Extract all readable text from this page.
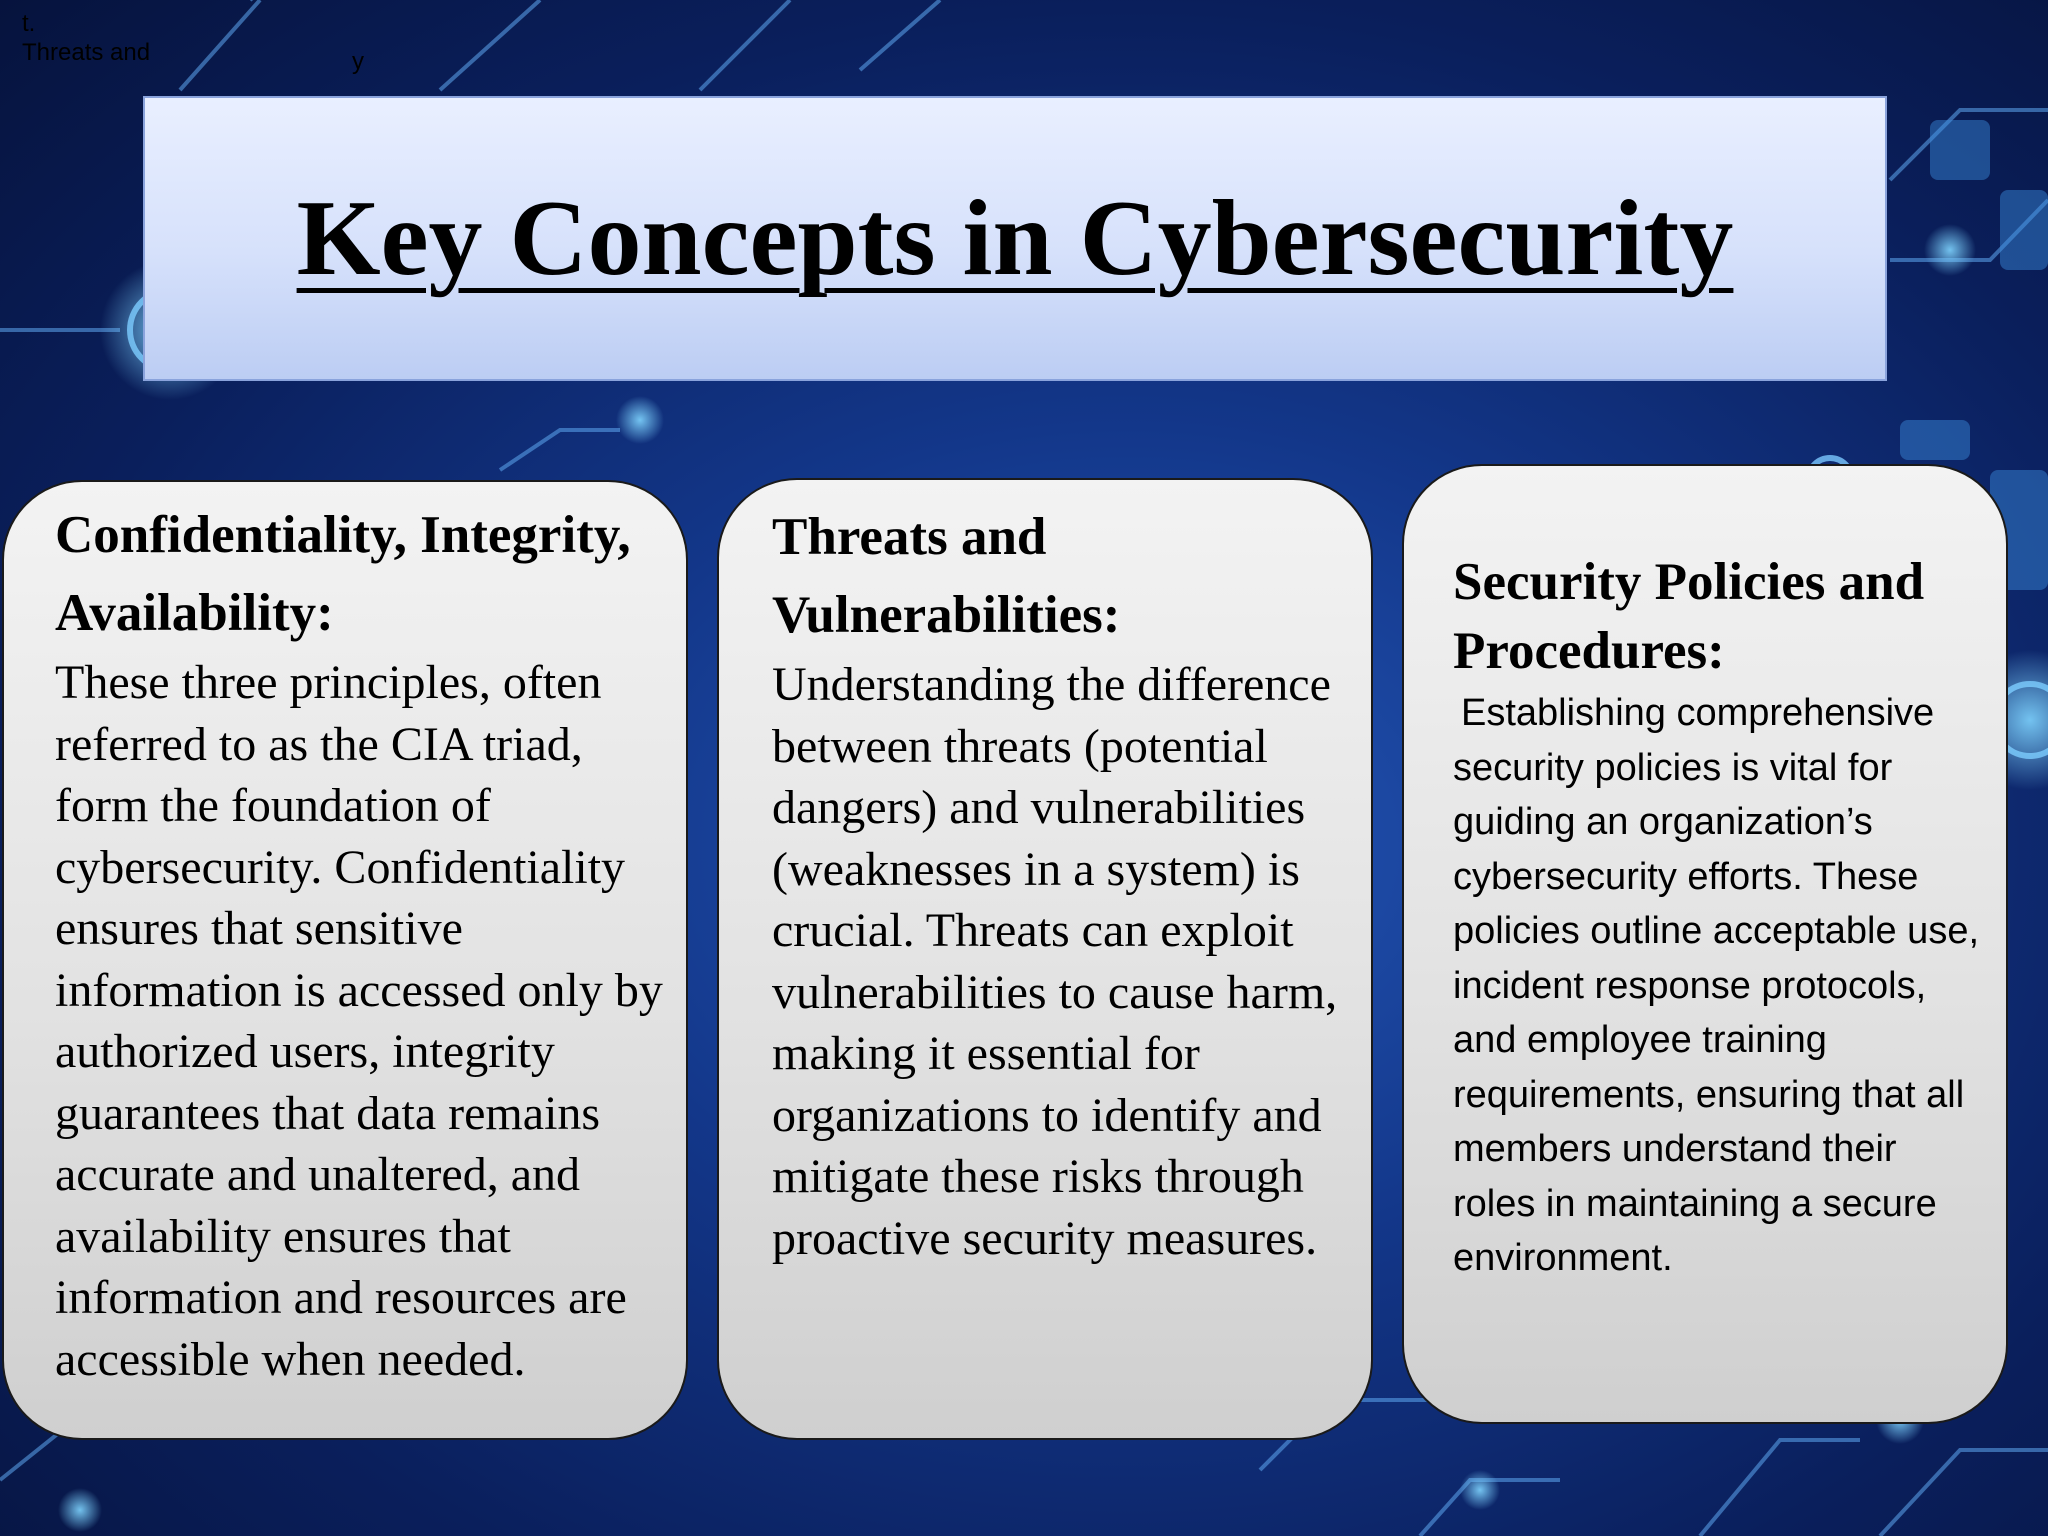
t.
Threats and	y
Key Concepts in Cybersecurity

Confidentiality, Integrity, Availability:

These three principles, often referred to as the CIA triad, form the foundation of cybersecurity. Confidentiality ensures that sensitive information is accessed only by authorized users, integrity guarantees that data remains accurate and unaltered, and availability ensures that information and resources are accessible when needed.

Threats and Vulnerabilities:

Understanding the difference between threats (potential dangers) and vulnerabilities (weaknesses in a system) is crucial. Threats can exploit vulnerabilities to cause harm, making it essential for organizations to identify and mitigate these risks through proactive security measures.

Security Policies and Procedures:

Establishing comprehensive security policies is vital for guiding an organization’s cybersecurity efforts. These policies outline acceptable use, incident response protocols, and employee training requirements, ensuring that all members understand their roles in maintaining a secure environment.
